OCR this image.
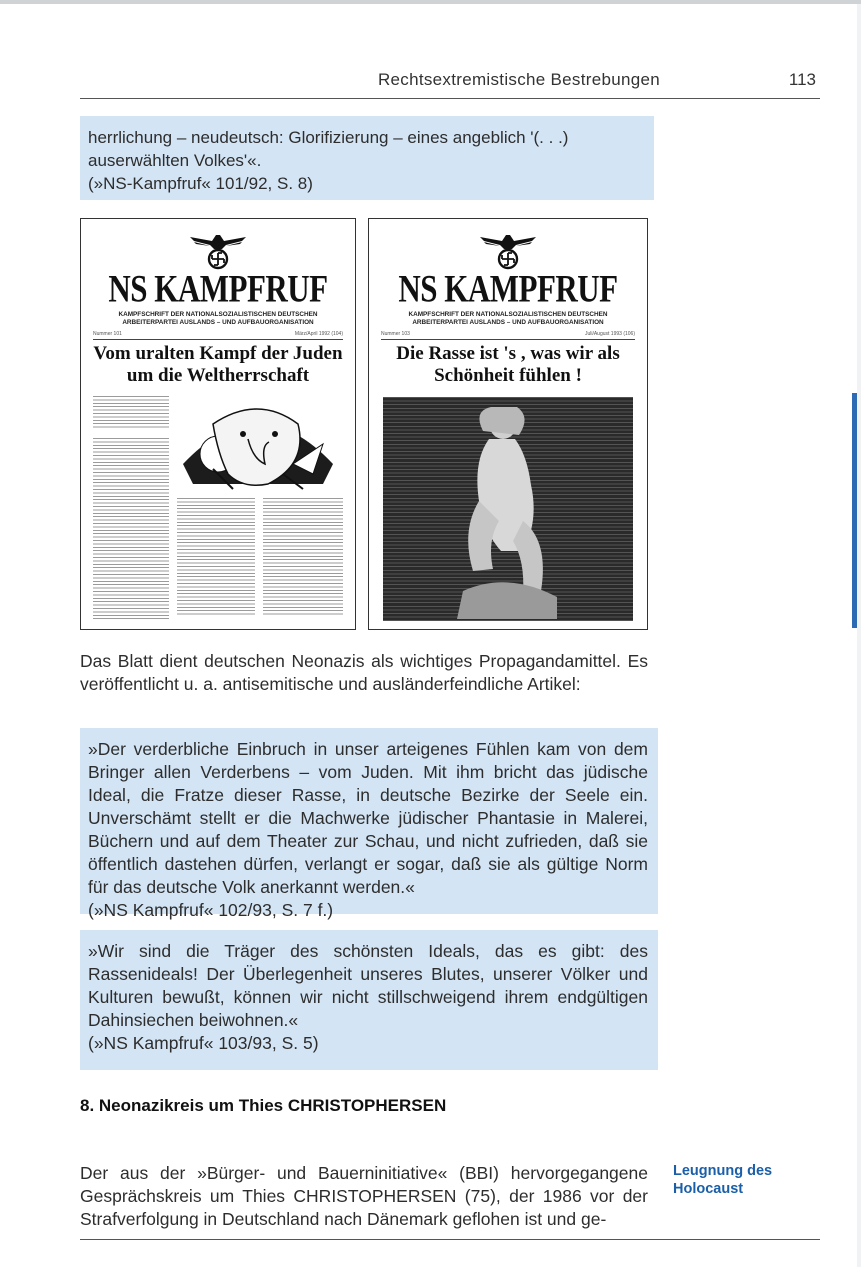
Rechtsextremistische Bestrebungen	113

herrlichung – neudeutsch: Glorifizierung – eines angeblich '(. . .)

auserwählten Volkes'«.

(»NS-Kampfruf« 101/92, S. 8)

NS KAMPFRUF
KAMPFSCHRIFT DER NATIONALSOZIALISTISCHEN DEUTSCHEN ARBEITERPARTEI AUSLANDS – UND AUFBAUORGANISATION
Nummer 101	März/April 1992 (104)
Vom uralten Kampf der Juden um die Weltherrschaft
NS KAMPFRUF
KAMPFSCHRIFT DER NATIONALSOZIALISTISCHEN DEUTSCHEN ARBEITERPARTEI AUSLANDS – UND AUFBAUORGANISATION
Nummer 103	Juli/August 1993 (106)
Die Rasse ist 's , was wir als Schönheit fühlen !

Das Blatt dient deutschen Neonazis als wichtiges Propagandamittel. Es veröffentlicht u. a. antisemitische und ausländerfeindliche Artikel:

»Der verderbliche Einbruch in unser arteigenes Fühlen kam von dem Bringer allen Verderbens – vom Juden. Mit ihm bricht das jüdische Ideal, die Fratze dieser Rasse, in deutsche Bezirke der Seele ein. Unverschämt stellt er die Machwerke jüdischer Phantasie in Malerei, Büchern und auf dem Theater zur Schau, und nicht zufrieden, daß sie öffentlich dastehen dürfen, verlangt er sogar, daß sie als gültige Norm für das deutsche Volk anerkannt werden.«

(»NS Kampfruf« 102/93, S. 7 f.)

»Wir sind die Träger des schönsten Ideals, das es gibt: des Rassenideals! Der Überlegenheit unseres Blutes, unserer Völker und Kulturen bewußt, können wir nicht stillschweigend ihrem endgültigen Dahinsiechen beiwohnen.«

(»NS Kampfruf« 103/93, S. 5)

8. Neonazikreis um Thies CHRISTOPHERSEN

Der aus der »Bürger- und Bauerninitiative« (BBI) hervorgegangene Gesprächskreis um Thies CHRISTOPHERSEN (75), der 1986 vor der Strafverfolgung in Deutschland nach Dänemark geflohen ist und ge-

Leugnung des
Holocaust
